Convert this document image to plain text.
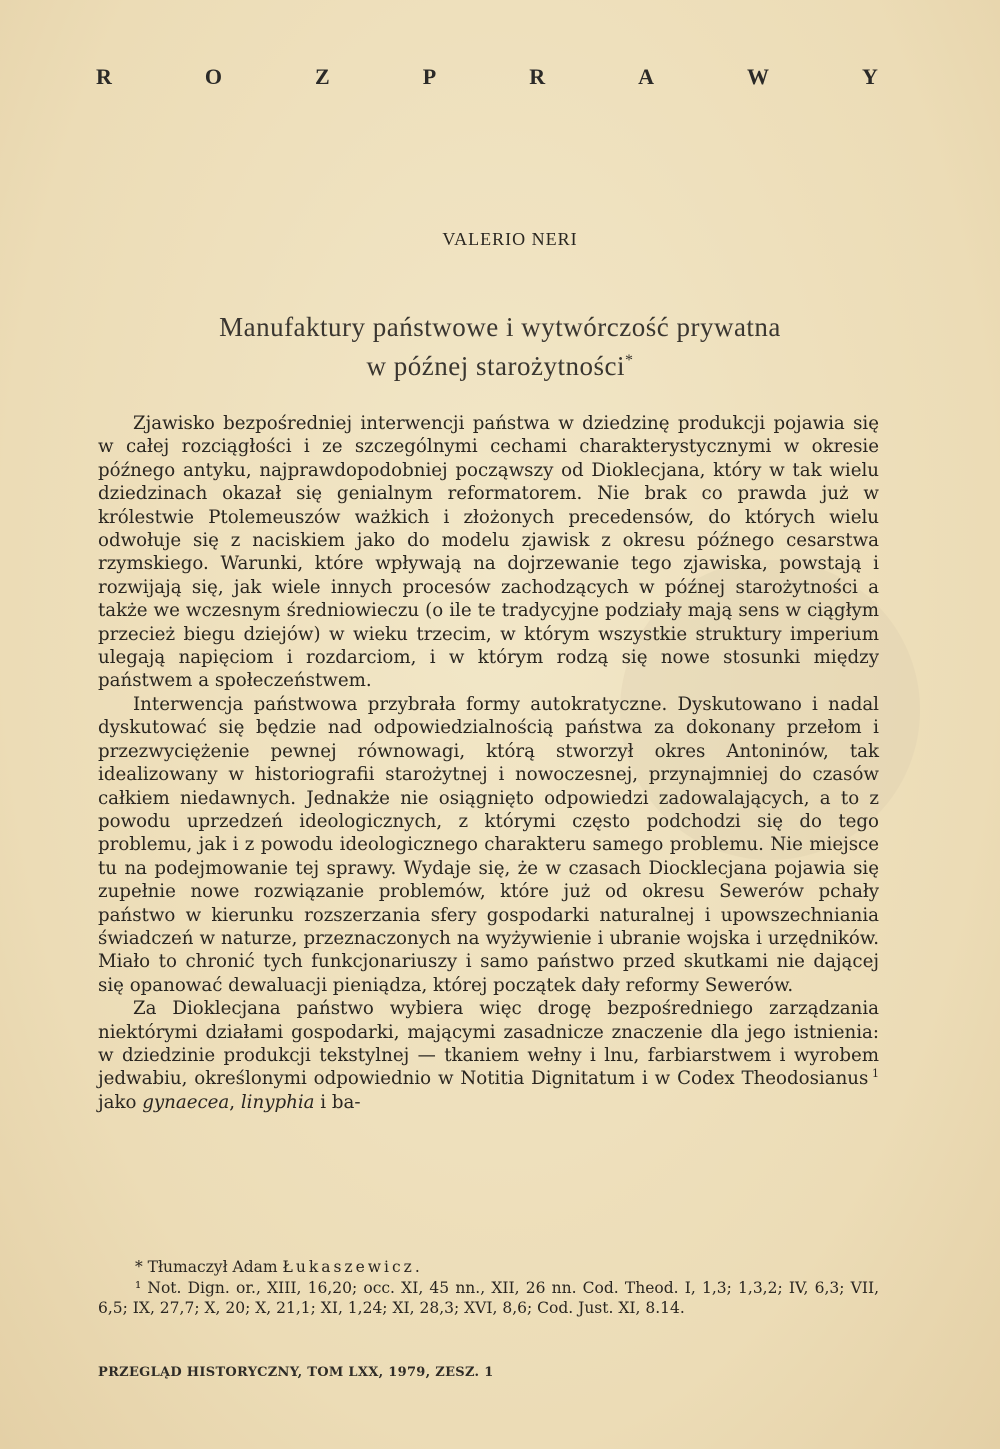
R	O	Z	P	R	A	W	Y
VALERIO NERI
Manufaktury państwowe i wytwórczość prywatna
w późnej starożytności*

Zjawisko bezpośredniej interwencji państwa w dziedzinę produkcji pojawia się w całej rozciągłości i ze szczególnymi cechami charakterystycznymi w okresie późnego antyku, najprawdopodobniej począwszy od Dioklecjana, który w tak wielu dziedzinach okazał się genialnym reformatorem. Nie brak co prawda już w królestwie Ptolemeuszów ważkich i złożonych precedensów, do których wielu odwołuje się z naciskiem jako do modelu zjawisk z okresu późnego cesarstwa rzymskiego. Warunki, które wpływają na dojrzewanie tego zjawiska, powstają i rozwijają się, jak wiele innych procesów zachodzących w późnej starożytności a także we wczesnym średniowieczu (o ile te tradycyjne podziały mają sens w ciągłym przecież biegu dziejów) w wieku trzecim, w którym wszystkie struktury imperium ulegają napięciom i rozdarciom, i w którym rodzą się nowe stosunki między państwem a społeczeństwem.

Interwencja państwowa przybrała formy autokratyczne. Dyskutowano i nadal dyskutować się będzie nad odpowiedzialnością państwa za dokonany przełom i przezwyciężenie pewnej równowagi, którą stworzył okres Antoninów, tak idealizowany w historiografii starożytnej i nowoczesnej, przynajmniej do czasów całkiem niedawnych. Jednakże nie osiągnięto odpowiedzi zadowalających, a to z powodu uprzedzeń ideologicznych, z którymi często podchodzi się do tego problemu, jak i z powodu ideologicznego charakteru samego problemu. Nie miejsce tu na podejmowanie tej sprawy. Wydaje się, że w czasach Diocklecjana pojawia się zupełnie nowe rozwiązanie problemów, które już od okresu Sewerów pchały państwo w kierunku rozszerzania sfery gospodarki naturalnej i upowszechniania świadczeń w naturze, przeznaczonych na wyżywienie i ubranie wojska i urzędników. Miało to chronić tych funkcjonariuszy i samo państwo przed skutkami nie dającej się opanować dewaluacji pieniądza, której początek dały reformy Sewerów.

Za Dioklecjana państwo wybiera więc drogę bezpośredniego zarządzania niektórymi działami gospodarki, mającymi zasadnicze znaczenie dla jego istnienia: w dziedzinie produkcji tekstylnej — tkaniem wełny i lnu, farbiarstwem i wyrobem jedwabiu, określonymi odpowiednio w Notitia Dignitatum i w Codex Theodosianus  $^1$ jako gynaecea, linyphia i ba-

* Tłumaczył Adam Łukaszewicz.

¹ Not. Dign. or., XIII, 16,20; occ. XI, 45 nn., XII, 26 nn. Cod. Theod. I, 1,3; 1,3,2; IV, 6,3; VII, 6,5; IX, 27,7; X, 20; X, 21,1; XI, 1,24; XI, 28,3; XVI, 8,6; Cod. Just. XI, 8.14.

PRZEGLĄD HISTORYCZNY, TOM LXX, 1979, ZESZ. 1
